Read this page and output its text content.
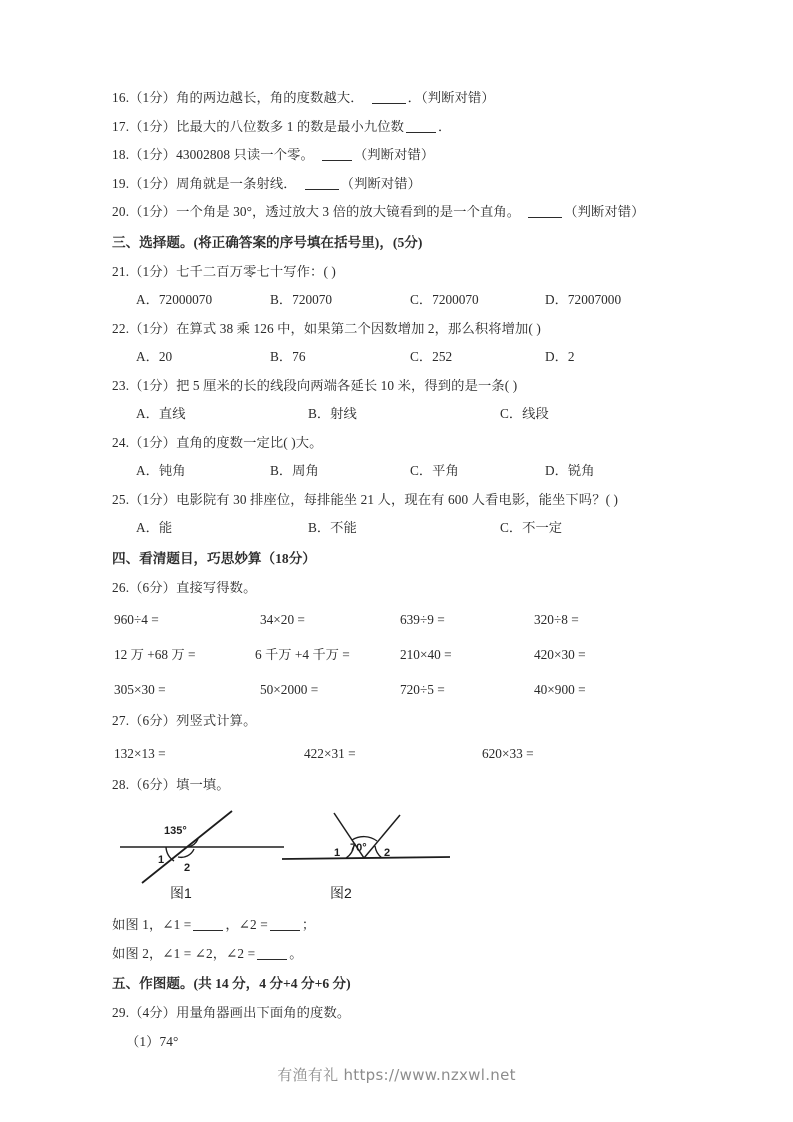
16.（1分）角的两边越长，角的度数越大．	．（判断对错）
17.（1分）比最大的八位数多 1 的数是最小九位数	．
18.（1分）43002808 只读一个零。	（判断对错）
19.（1分）周角就是一条射线．	（判断对错）
20.（1分）一个角是 30°，透过放大 3 倍的放大镜看到的是一个直角。	（判断对错）
三、选择题。(将正确答案的序号填在括号里)，(5分)
21.（1分）七千二百万零七十写作：( )
A．72000070	B．720070	C．7200070	D．72007000
22.（1分）在算式 38 乘 126 中，如果第二个因数增加 2，那么积将增加( )
A．20	B．76	C．252	D．2
23.（1分）把 5 厘米的长的线段向两端各延长 10 米，得到的是一条( )
A．直线	B．射线	C．线段
24.（1分）直角的度数一定比( )大。
A．钝角	B．周角	C．平角	D．锐角
25.（1分）电影院有 30 排座位，每排能坐 21 人，现在有 600 人看电影，能坐下吗？( )
A．能	B．不能	C．不一定
四、看清题目，巧思妙算（18分）
26.（6分）直接写得数。
960÷4 =	34×20 =	639÷9 =	320÷8 =
12 万 +68 万 =	6 千万 +4 千万 =	210×40 =	420×30 =
305×30 =	50×2000 =	720÷5 =	40×900 =
27.（6分）列竖式计算。
132×13 =	422×31 =	620×33 =
28.（6分）填一填。
135°
1
2
图1
70°
1	2
图2
如图 1，∠1 =	，∠2 =	；
如图 2，∠1 = ∠2，∠2 =	。
五、作图题。(共 14 分，4 分+4 分+6 分)
29.（4分）用量角器画出下面角的度数。
（1）74°
有渔有礼 https://www.nzxwl.net
